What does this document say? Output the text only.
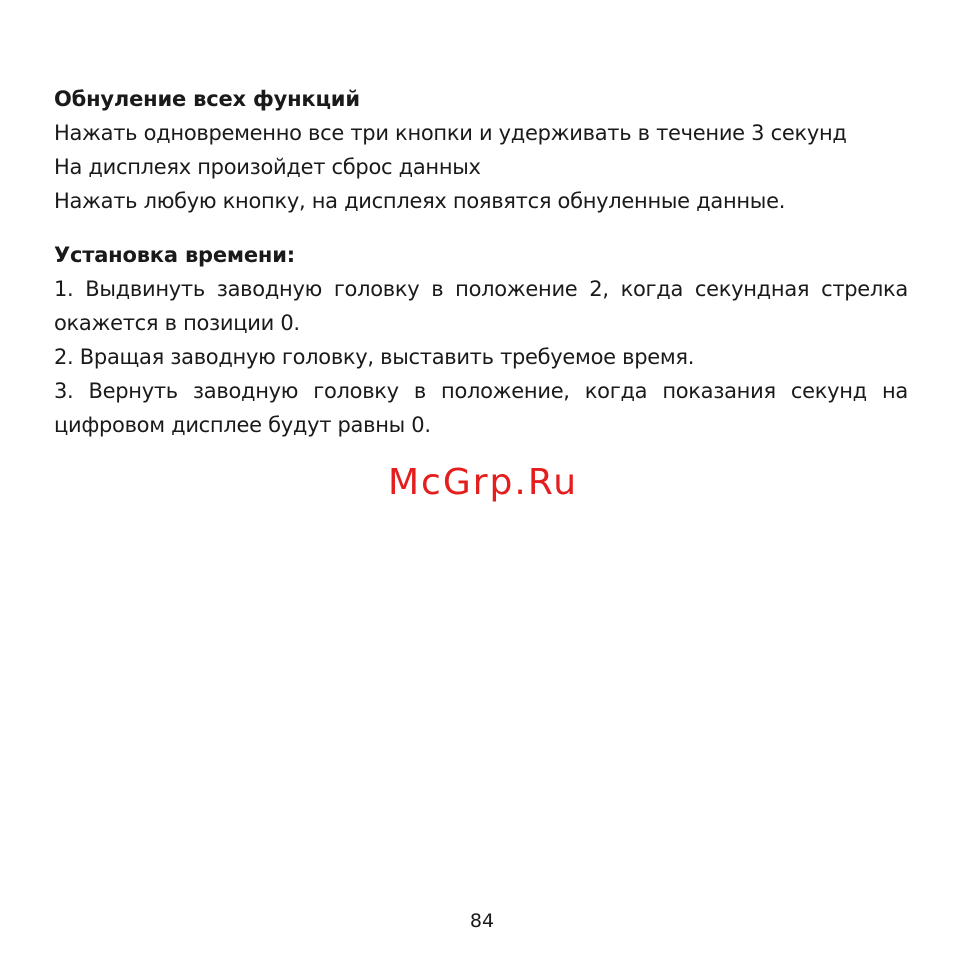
Обнуление всех функций

Нажать одновременно все три кнопки и удерживать в течение 3 секунд

На дисплеях произойдет сброс данных

Нажать любую кнопку, на дисплеях появятся обнуленные данные.

Установка времени:

1. Выдвинуть заводную головку в положение 2, когда секундная стрелка окажется в позиции 0.

2. Вращая заводную головку, выставить требуемое время.

3. Вернуть заводную головку в положение, когда показания секунд на цифровом дисплее будут равны 0.

McGrp.Ru
84
